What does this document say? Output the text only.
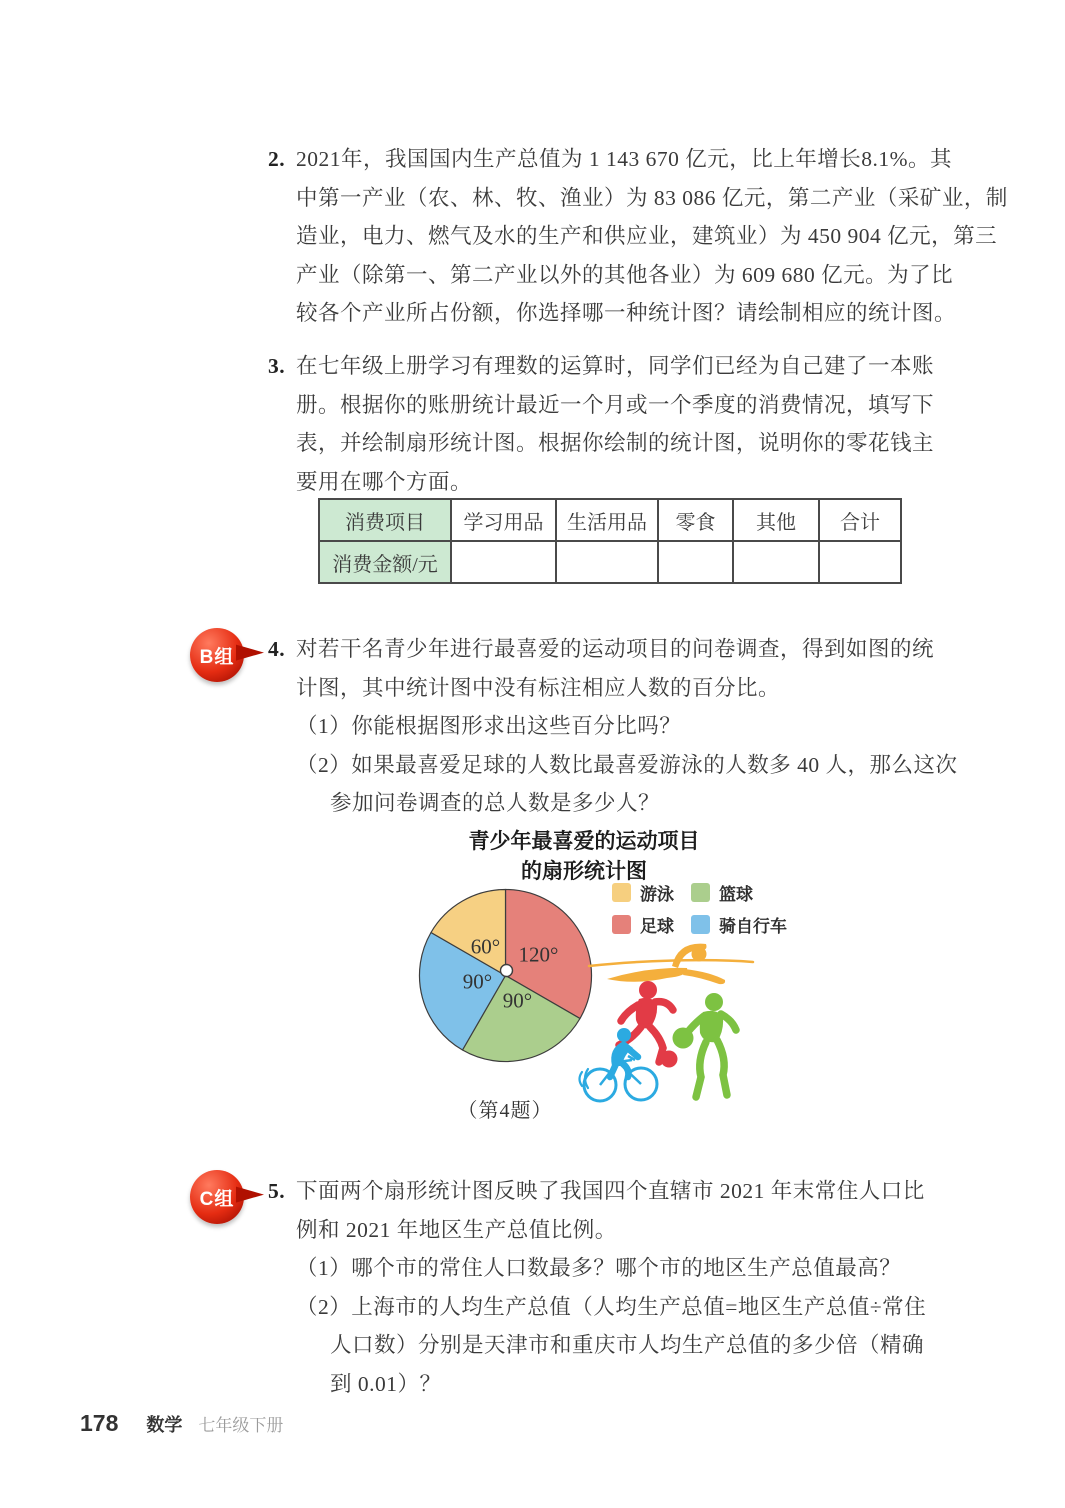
2. 2021年，我国国内生产总值为 1 143 670 亿元，比上年增长8.1%。其
中第一产业（农、林、牧、渔业）为 83 086 亿元，第二产业（采矿业，制
造业，电力、燃气及水的生产和供应业，建筑业）为 450 904 亿元，第三
产业（除第一、第二产业以外的其他各业）为 609 680 亿元。为了比
较各个产业所占份额，你选择哪一种统计图？请绘制相应的统计图。
3. 在七年级上册学习有理数的运算时，同学们已经为自己建了一本账
册。根据你的账册统计最近一个月或一个季度的消费情况，填写下
表，并绘制扇形统计图。根据你绘制的统计图，说明你的零花钱主
要用在哪个方面。
消费项目	学习用品	生活用品	零食	其他	合计
消费金额/元					
B组	4. 对若干名青少年进行最喜爱的运动项目的问卷调查，得到如图的统
计图，其中统计图中没有标注相应人数的百分比。
（1）你能根据图形求出这些百分比吗？
（2）如果最喜爱足球的人数比最喜爱游泳的人数多 40 人，那么这次
参加问卷调查的总人数是多少人？
青少年最喜爱的运动项目
的扇形统计图
游泳	篮球
足球	骑自行车
120°
90°
90°
60°
（第4题）
C组	5. 下面两个扇形统计图反映了我国四个直辖市 2021 年末常住人口比
例和 2021 年地区生产总值比例。
（1）哪个市的常住人口数最多？哪个市的地区生产总值最高？
（2）上海市的人均生产总值（人均生产总值=地区生产总值÷常住
人口数）分别是天津市和重庆市人均生产总值的多少倍（精确
到 0.01）？
178 数学 七年级下册
